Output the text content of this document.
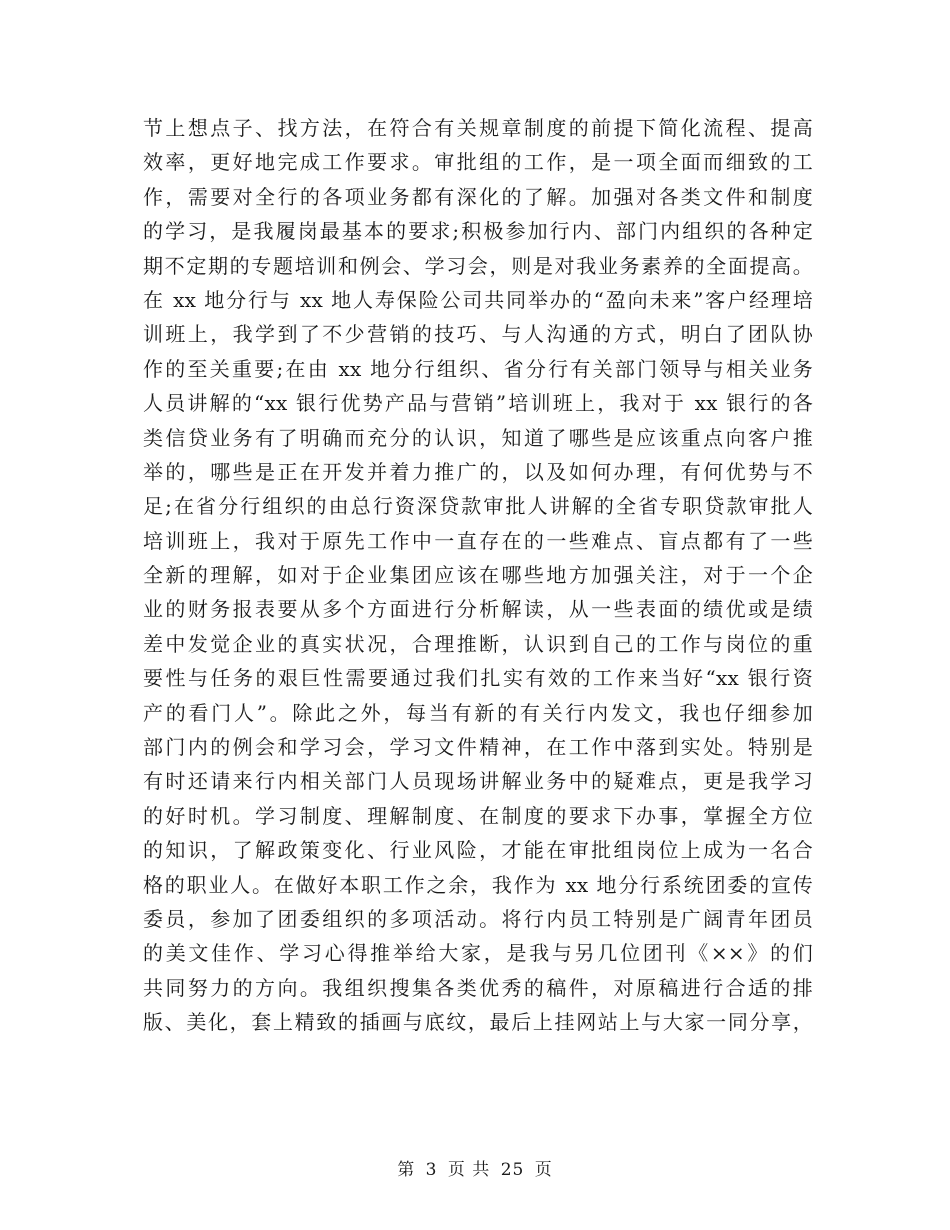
节上想点子、找方法，在符合有关规章制度的前提下简化流程、提高
效率，更好地完成工作要求。审批组的工作，是一项全面而细致的工
作，需要对全行的各项业务都有深化的了解。加强对各类文件和制度
的学习，是我履岗最基本的要求;积极参加行内、部门内组织的各种定
期不定期的专题培训和例会、学习会，则是对我业务素养的全面提高。
在 xx 地分行与 xx 地人寿保险公司共同举办的“盈向未来”客户经理培
训班上，我学到了不少营销的技巧、与人沟通的方式，明白了团队协
作的至关重要;在由 xx 地分行组织、省分行有关部门领导与相关业务
人员讲解的“xx 银行优势产品与营销”培训班上，我对于 xx 银行的各
类信贷业务有了明确而充分的认识，知道了哪些是应该重点向客户推
举的，哪些是正在开发并着力推广的，以及如何办理，有何优势与不
足;在省分行组织的由总行资深贷款审批人讲解的全省专职贷款审批人
培训班上，我对于原先工作中一直存在的一些难点、盲点都有了一些
全新的理解，如对于企业集团应该在哪些地方加强关注，对于一个企
业的财务报表要从多个方面进行分析解读，从一些表面的绩优或是绩
差中发觉企业的真实状况，合理推断，认识到自己的工作与岗位的重
要性与任务的艰巨性需要通过我们扎实有效的工作来当好“xx 银行资
产的看门人”。除此之外，每当有新的有关行内发文，我也仔细参加
部门内的例会和学习会，学习文件精神，在工作中落到实处。特别是
有时还请来行内相关部门人员现场讲解业务中的疑难点，更是我学习
的好时机。学习制度、理解制度、在制度的要求下办事，掌握全方位
的知识，了解政策变化、行业风险，才能在审批组岗位上成为一名合
格的职业人。在做好本职工作之余，我作为 xx 地分行系统团委的宣传
委员，参加了团委组织的多项活动。将行内员工特别是广阔青年团员
的美文佳作、学习心得推举给大家，是我与另几位团刊《××》的们
共同努力的方向。我组织搜集各类优秀的稿件，对原稿进行合适的排
版、美化，套上精致的插画与底纹，最后上挂网站上与大家一同分享，
第 3 页 共 25 页
